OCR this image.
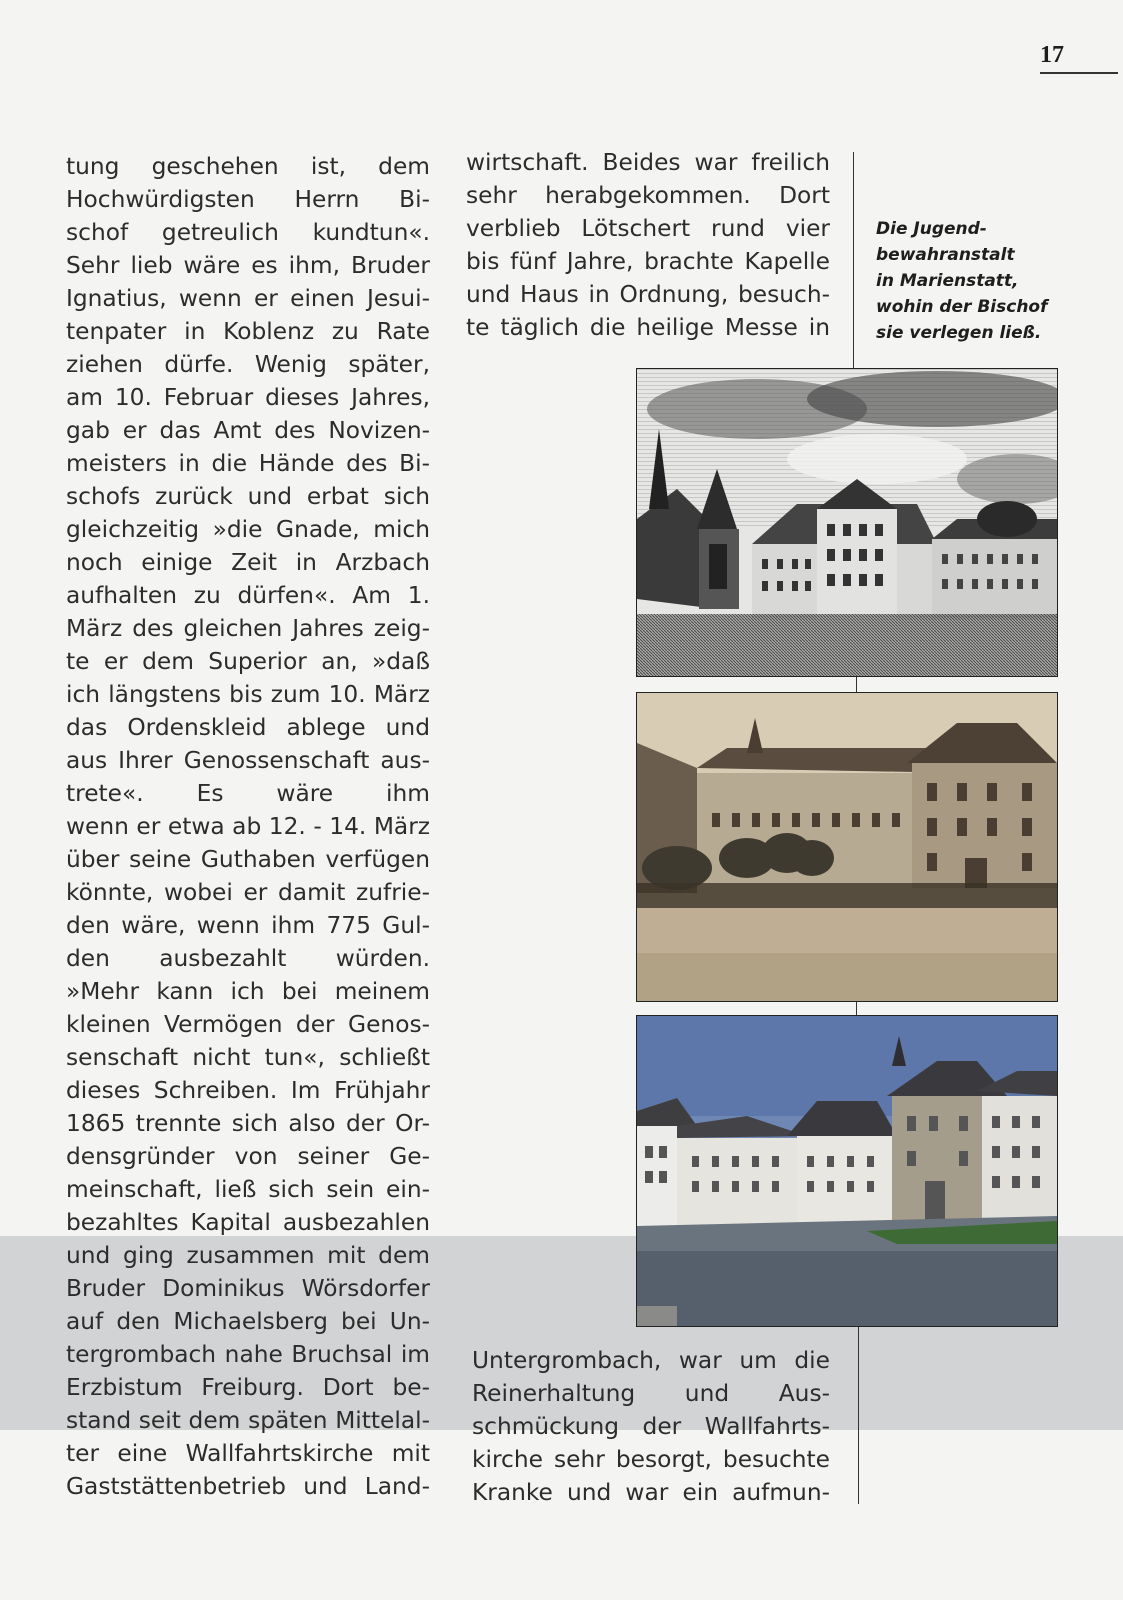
17
tung geschehen ist, dem
Hochwürdigsten Herrn Bi-
schof getreulich kundtun«.
Sehr lieb wäre es ihm, Bruder
Ignatius, wenn er einen Jesui-
tenpater in Koblenz zu Rate
ziehen dürfe. Wenig später,
am 10. Februar dieses Jahres,
gab er das Amt des Novizen-
meisters in die Hände des Bi-
schofs zurück und erbat sich
gleichzeitig »die Gnade, mich
noch einige Zeit in Arzbach
aufhalten zu dürfen«. Am 1.
März des gleichen Jahres zeig-
te er dem Superior an, »daß
ich längstens bis zum 10. März
das Ordenskleid ablege und
aus Ihrer Genossenschaft aus-
trete«. Es wäre ihm
wenn er etwa ab 12. - 14. März
über seine Guthaben verfügen
könnte, wobei er damit zufrie-
den wäre, wenn ihm 775 Gul-
den ausbezahlt würden.
»Mehr kann ich bei meinem
kleinen Vermögen der Genos-
senschaft nicht tun«, schließt
dieses Schreiben. Im Frühjahr
1865 trennte sich also der Or-
densgründer von seiner Ge-
meinschaft, ließ sich sein ein-
bezahltes Kapital ausbezahlen
und ging zusammen mit dem
Bruder Dominikus Wörsdorfer
auf den Michaelsberg bei Un-
tergrombach nahe Bruchsal im
Erzbistum Freiburg. Dort be-
stand seit dem späten Mittelal-
ter eine Wallfahrtskirche mit
Gaststättenbetrieb und Land-
wirtschaft. Beides war freilich
sehr herabgekommen. Dort
verblieb Lötschert rund vier
bis fünf Jahre, brachte Kapelle
und Haus in Ordnung, besuch-
te täglich die heilige Messe in
Untergrombach, war um die
Reinerhaltung und Aus-
schmückung der Wallfahrts-
kirche sehr besorgt, besuchte
Kranke und war ein aufmun-
Die Jugend-
bewahranstalt
in Marienstatt,
wohin der Bischof
sie verlegen ließ.
